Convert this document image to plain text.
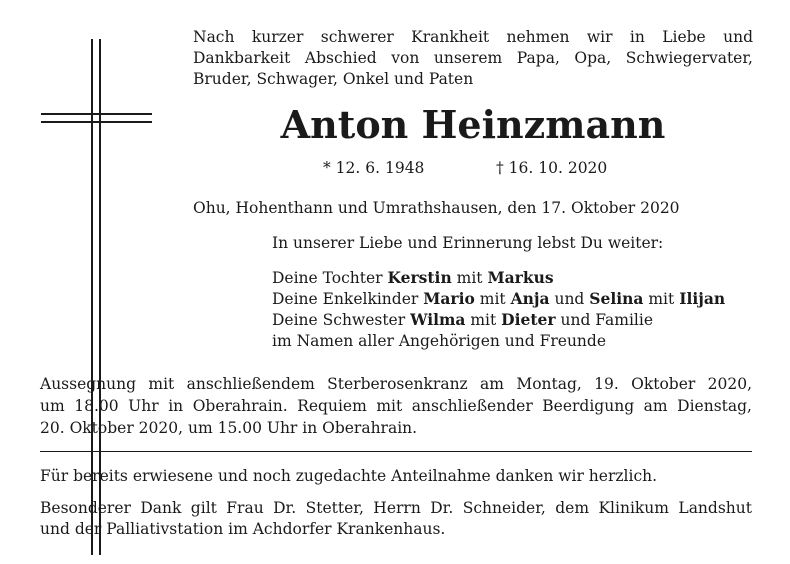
Nach kurzer schwerer Krankheit nehmen wir in Liebe und
Dankbarkeit Abschied von unserem Papa, Opa, Schwiegervater,
Bruder, Schwager, Onkel und Paten
Anton Heinzmann
* 12. 6. 1948	† 16. 10. 2020
Ohu, Hohenthann und Umrathshausen, den 17. Oktober 2020
In unserer Liebe und Erinnerung lebst Du weiter:
Deine Tochter Kerstin mit Markus
Deine Enkelkinder Mario mit Anja und Selina mit Ilijan
Deine Schwester Wilma mit Dieter und Familie
im Namen aller Angehörigen und Freunde
Aussegnung mit anschließendem Sterberosenkranz am Montag, 19. Oktober 2020,
um 18.00 Uhr in Oberahrain. Requiem mit anschließender Beerdigung am Dienstag,
20. Oktober 2020, um 15.00 Uhr in Oberahrain.
Für bereits erwiesene und noch zugedachte Anteilnahme danken wir herzlich.
Besonderer Dank gilt Frau Dr. Stetter, Herrn Dr. Schneider, dem Klinikum Landshut
und der Palliativstation im Achdorfer Krankenhaus.
